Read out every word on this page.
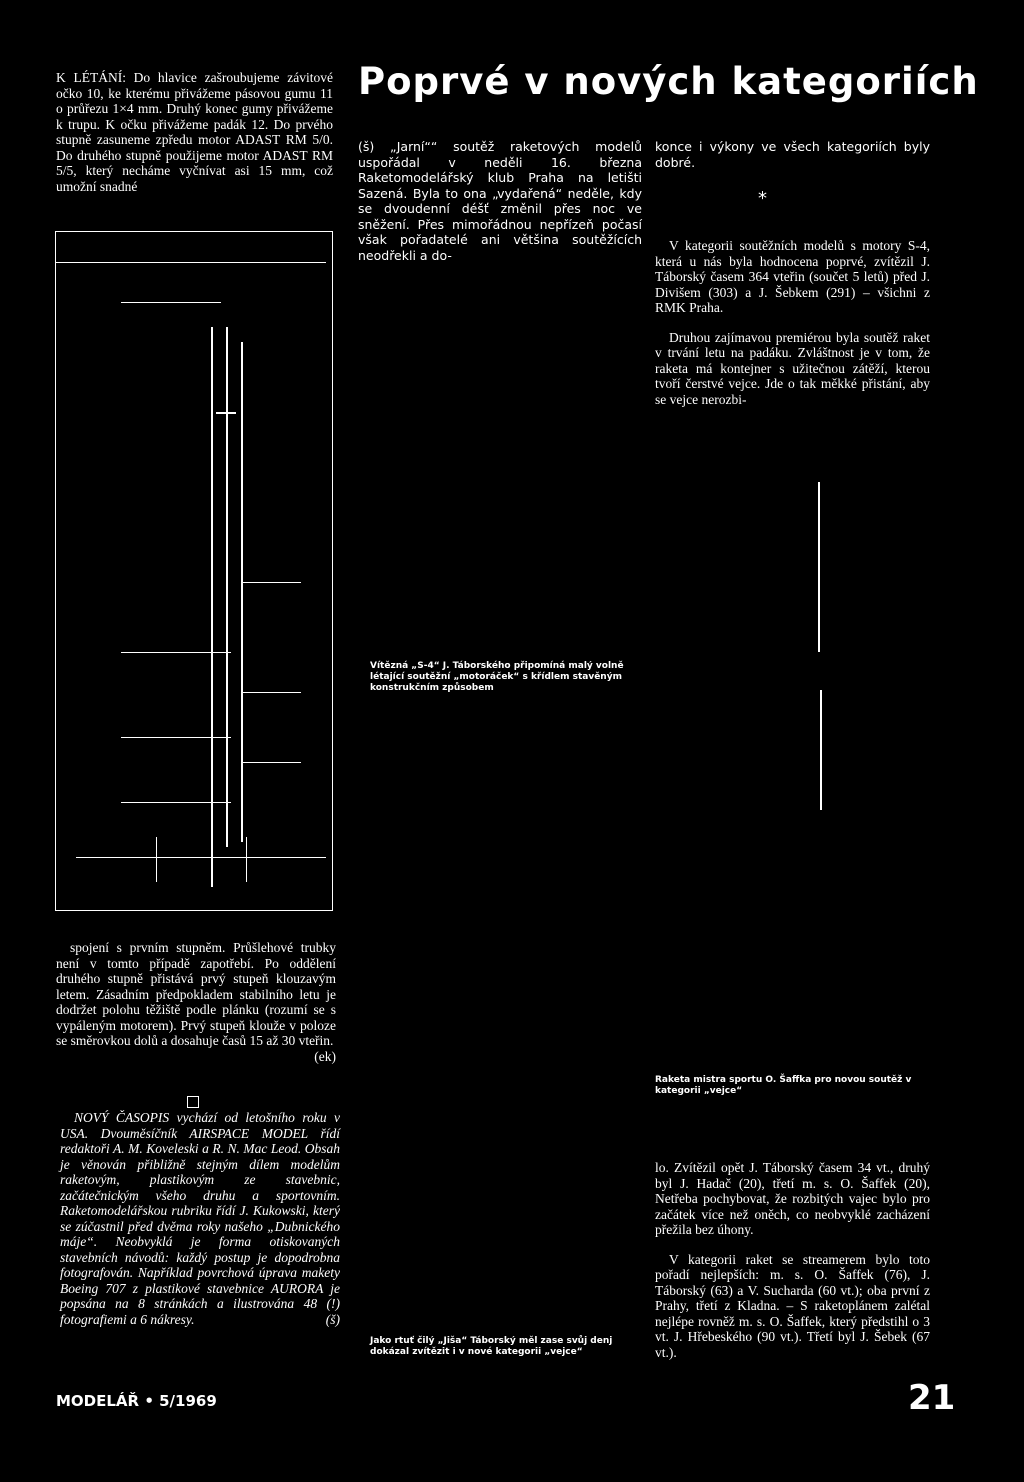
K LÉTÁNÍ: Do hlavice zašroubujeme závitové očko 10, ke kterému přivážeme pásovou gumu 11 o průřezu 1×4 mm. Druhý konec gumy přivážeme k trupu. K očku přivážeme padák 12. Do prvého stupně zasuneme zpředu motor ADAST RM 5/0. Do druhého stupně použijeme motor ADAST RM 5/5, který necháme vyčnívat asi 15 mm, což umožní snadné

spojení s prvním stupněm. Průšlehové trubky není v tomto případě zapotřebí. Po oddělení druhého stupně přistává prvý stupeň klouzavým letem. Zásadním předpokladem stabilního letu je dodržet polohu těžiště podle plánku (rozumí se s vypáleným motorem). Prvý stupeň klouže v poloze se směrovkou dolů a dosahuje časů 15 až 30 vteřin.
(ek)

NOVÝ ČASOPIS vychází od letošního roku v USA. Dvouměsíčník AIRSPACE MODEL řídí redaktoři A. M. Koveleski a R. N. Mac Leod. Obsah je věnován přibližně stejným dílem modelům raketovým, plastikovým ze stavebnic, začátečnickým všeho druhu a sportovním. Raketomodelářskou rubriku řídí J. Kukowski, který se zúčastnil před dvěma roky našeho „Dubnického máje“. Neobvyklá je forma otiskovaných stavebních návodů: každý postup je dopodrobna fotografován. Například povrchová úprava makety Boeing 707 z plastikové stavebnice AURORA je popsána na 8 stránkách a ilustrována 48 (!) fotografiemi a 6 nákresy.	(š)

Poprvé v nových kategoriích

(š) „Jarní““ soutěž raketových modelů uspořádal v neděli 16. března Raketomodelářský klub Praha na letišti Sazená. Byla to ona „vydařená“ neděle, kdy se dvoudenní déšť změnil přes noc ve sněžení. Přes mimořádnou nepřízeň počasí však pořadatelé ani většina soutěžících neodřekli a do-

konce i výkony ve všech kategoriích byly dobré.

*

V kategorii soutěžních modelů s motory S-4, která u nás byla hodnocena poprvé, zvítězil J. Táborský časem 364 vteřin (součet 5 letů) před J. Divišem (303) a J. Šebkem (291) – všichni z RMK Praha.

Druhou zajímavou premiérou byla soutěž raket v trvání letu na padáku. Zvláštnost je v tom, že raketa má kontejner s užitečnou zátěží, kterou tvoří čerstvé vejce. Jde o tak měkké přistání, aby se vejce nerozbi-

Vítězná „S-4“ J. Táborského připomíná malý volně létající soutěžní „motoráček“ s křídlem stavěným konstrukčním způsobem
Raketa mistra sportu O. Šaffka pro novou soutěž v kategorii „vejce“
Jako rtuť čilý „Jiša“ Táborský měl zase svůj denj dokázal zvítězit i v nové kategorii „vejce“

lo. Zvítězil opět J. Táborský časem 34 vt., druhý byl J. Hadač (20), třetí m. s. O. Šaffek (20), Netřeba pochybovat, že rozbitých vajec bylo pro začátek více než oněch, co neobvyklé zacházení přežila bez úhony.

V kategorii raket se streamerem bylo toto pořadí nejlepších: m. s. O. Šaffek (76), J. Táborský (63) a V. Sucharda (60 vt.); oba první z Prahy, třetí z Kladna. – S raketoplánem zalétal nejlépe rovněž m. s. O. Šaffek, který předstihl o 3 vt. J. Hřebeského (90 vt.). Třetí byl J. Šebek (67 vt.).

MODELÁŘ • 5/1969	21
